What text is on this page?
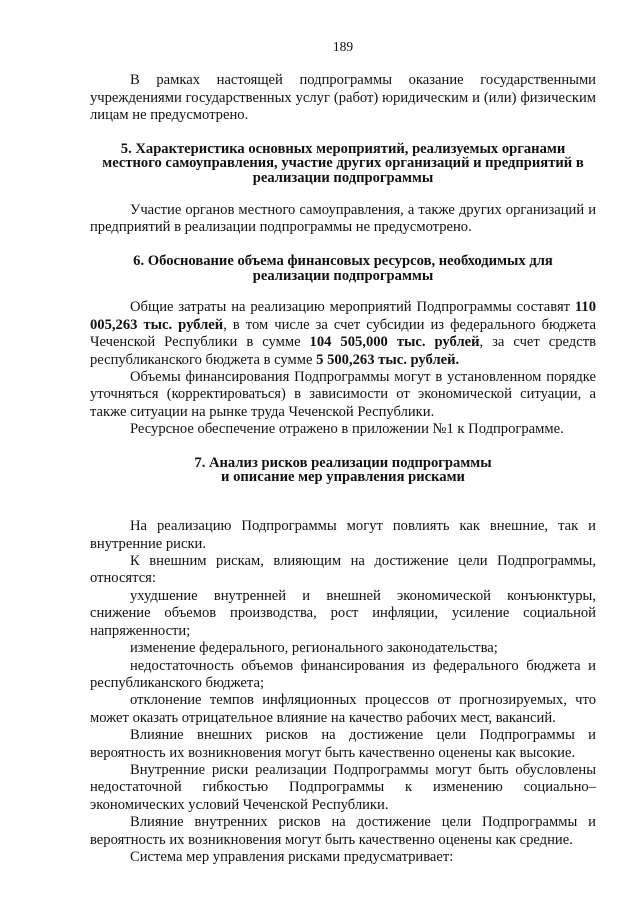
189

В рамках настоящей подпрограммы оказание государственными учреждениями государственных услуг (работ) юридическим и (или) физическим лицам не предусмотрено.

5. Характеристика основных мероприятий, реализуемых органами
местного самоуправления, участие других организаций и предприятий в
реализации подпрограммы

Участие органов местного самоуправления, а также других организаций и предприятий в реализации подпрограммы не предусмотрено.

6. Обоснование объема финансовых ресурсов, необходимых для
реализации подпрограммы

Общие затраты на реализацию мероприятий Подпрограммы составят 110 005,263 тыс. рублей, в том числе за счет субсидии из федерального бюджета Чеченской Республики в сумме 104 505,000 тыс. рублей, за счет средств республиканского бюджета в сумме 5 500,263 тыс. рублей.

Объемы финансирования Подпрограммы могут в установленном порядке уточняться (корректироваться) в зависимости от экономической ситуации, а также ситуации на рынке труда Чеченской Республики.

Ресурсное обеспечение отражено в приложении №1 к Подпрограмме.

7. Анализ рисков реализации подпрограммы
и описание мер управления рисками

На реализацию Подпрограммы могут повлиять как внешние, так и внутренние риски.

К внешним рискам, влияющим на достижение цели Подпрограммы, относятся:

ухудшение внутренней и внешней экономической конъюнктуры, снижение объемов производства, рост инфляции, усиление социальной напряженности;

изменение федерального, регионального законодательства;

недостаточность объемов финансирования из федерального бюджета и республиканского бюджета;

отклонение темпов инфляционных процессов от прогнозируемых, что может оказать отрицательное влияние на качество рабочих мест, вакансий.

Влияние внешних рисков на достижение цели Подпрограммы и вероятность их возникновения могут быть качественно оценены как высокие.

Внутренние риски реализации Подпрограммы могут быть обусловлены недостаточной гибкостью Подпрограммы к изменению социально–экономических условий Чеченской Республики.

Влияние внутренних рисков на достижение цели Подпрограммы и вероятность их возникновения могут быть качественно оценены как средние.

Система мер управления рисками предусматривает:
